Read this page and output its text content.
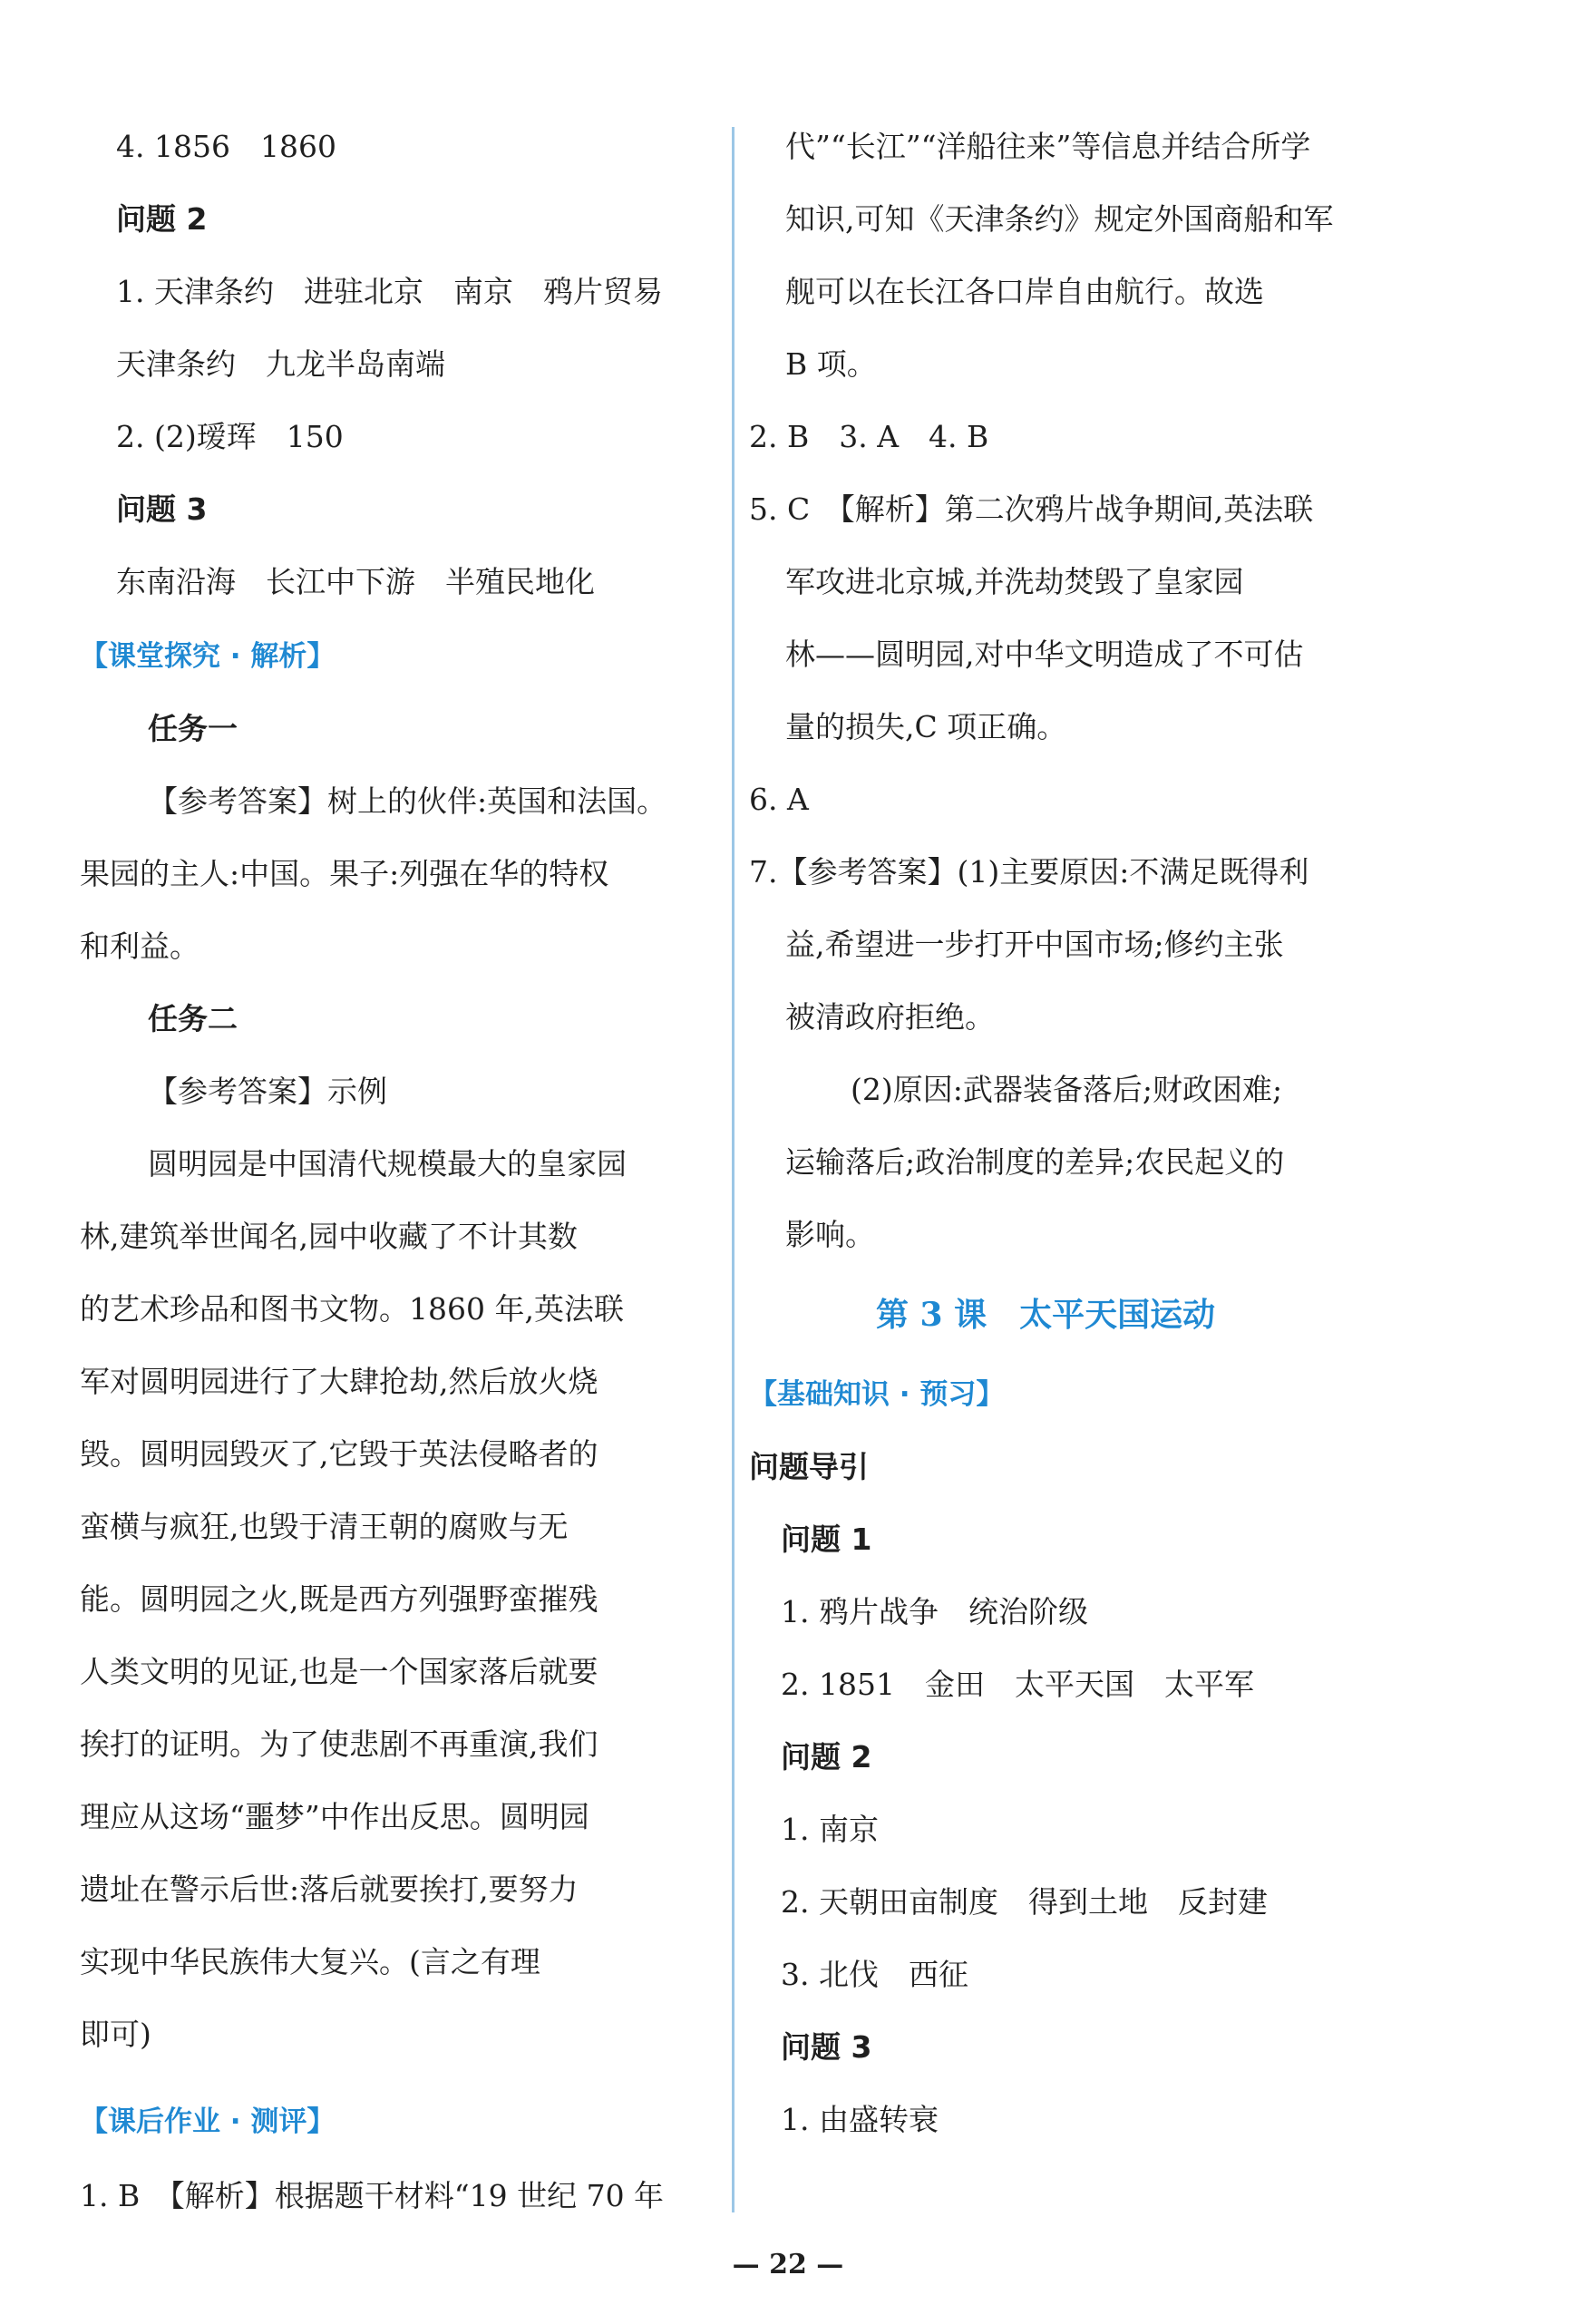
4. 1856　1860
问题 2
1. 天津条约　进驻北京　南京　鸦片贸易
天津条约　九龙半岛南端
2. (2)瑷珲　150
问题 3
东南沿海　长江中下游　半殖民地化
【课堂探究 · 解析】
任务一
【参考答案】树上的伙伴:英国和法国。
果园的主人:中国。果子:列强在华的特权
和利益。
任务二
【参考答案】示例
圆明园是中国清代规模最大的皇家园
林,建筑举世闻名,园中收藏了不计其数
的艺术珍品和图书文物。1860 年,英法联
军对圆明园进行了大肆抢劫,然后放火烧
毁。圆明园毁灭了,它毁于英法侵略者的
蛮横与疯狂,也毁于清王朝的腐败与无
能。圆明园之火,既是西方列强野蛮摧残
人类文明的见证,也是一个国家落后就要
挨打的证明。为了使悲剧不再重演,我们
理应从这场“噩梦”中作出反思。圆明园
遗址在警示后世:落后就要挨打,要努力
实现中华民族伟大复兴。(言之有理
即可)
【课后作业 · 测评】
1. B　【解析】根据题干材料“19 世纪 70 年
代”“长江”“洋船往来”等信息并结合所学
知识,可知《天津条约》规定外国商船和军
舰可以在长江各口岸自由航行。故选
B 项。
2. B　3. A　4. B
5. C　【解析】第二次鸦片战争期间,英法联
军攻进北京城,并洗劫焚毁了皇家园
林——圆明园,对中华文明造成了不可估
量的损失,C 项正确。
6. A
7.【参考答案】(1)主要原因:不满足既得利
益,希望进一步打开中国市场;修约主张
被清政府拒绝。
(2)原因:武器装备落后;财政困难;
运输落后;政治制度的差异;农民起义的
影响。
第 3 课　太平天国运动
【基础知识 · 预习】
问题导引
问题 1
1. 鸦片战争　统治阶级
2. 1851　金田　太平天国　太平军
问题 2
1. 南京
2. 天朝田亩制度　得到土地　反封建
3. 北伐　西征
问题 3
1. 由盛转衰
— 22 —
